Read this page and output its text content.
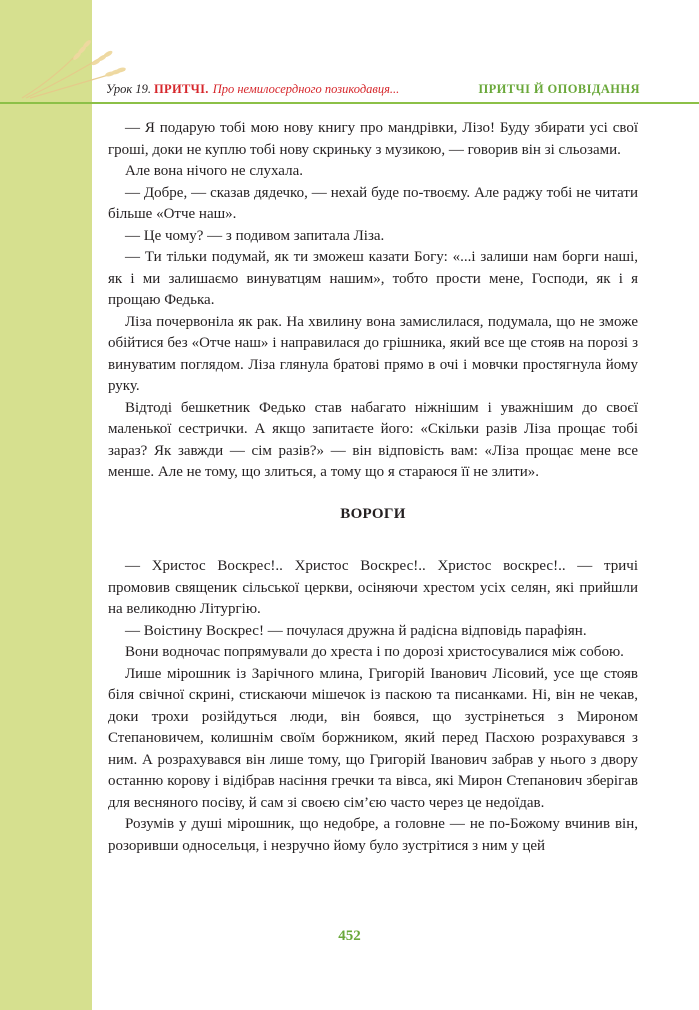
Урок 19. ПРИТЧІ. Про немилосердного позикодавця...	ПРИТЧІ Й ОПОВІДАННЯ

— Я подарую тобі мою нову книгу про мандрівки, Лізо! Буду збирати усі свої гроші, доки не куплю тобі нову скриньку з музикою, — говорив він зі сльозами.

Але вона нічого не слухала.

— Добре, — сказав дядечко, — нехай буде по-твоєму. Але раджу тобі не читати більше «Отче наш».

— Це чому? — з подивом запитала Ліза.

— Ти тільки подумай, як ти зможеш казати Богу: «...і залиши нам борги наші, як і ми залишаємо винуватцям нашим», тобто прости мене, Господи, як і я прощаю Федька.

Ліза почервоніла як рак. На хвилину вона замислилася, подумала, що не зможе обійтися без «Отче наш» і направилася до грішника, який все ще стояв на порозі з винуватим поглядом. Ліза глянула братові прямо в очі і мовчки простягнула йому руку.

Відтоді бешкетник Федько став набагато ніжнішим і уважнішим до своєї маленької сестрички. А якщо запитаєте його: «Скільки разів Ліза прощає тобі зараз? Як завжди — сім разів?» — він відповість вам: «Ліза прощає мене все менше. Але не тому, що злиться, а тому що я стараюся її не злити».

ВОРОГИ

— Христос Воскрес!.. Христос Воскрес!.. Христос воскрес!.. — тричі промовив священик сільської церкви, осіняючи хрестом усіх селян, які прийшли на великодню Літургію.

— Воістину Воскрес! — почулася дружна й радісна відповідь парафіян.

Вони водночас попрямували до хреста і по дорозі христосувалися між собою.

Лише мірошник із Зарічного млина, Григорій Іванович Лісовий, усе ще стояв біля свічної скрині, стискаючи мішечок із паскою та писанками. Ні, він не чекав, доки трохи розійдуться люди, він боявся, що зустрінеться з Мироном Степановичем, колишнім своїм боржником, який перед Пасхою розрахувався з ним. А розрахувався він лише тому, що Григорій Іванович забрав у нього з двору останню корову і відібрав насіння гречки та вівса, які Мирон Степанович зберігав для весняного посіву, й сам зі своєю сім’єю часто через це недоїдав.

Розумів у душі мірошник, що недобре, а головне — не по-Божому вчинив він, розоривши односельця, і незручно йому було зустрітися з ним у цей

452
